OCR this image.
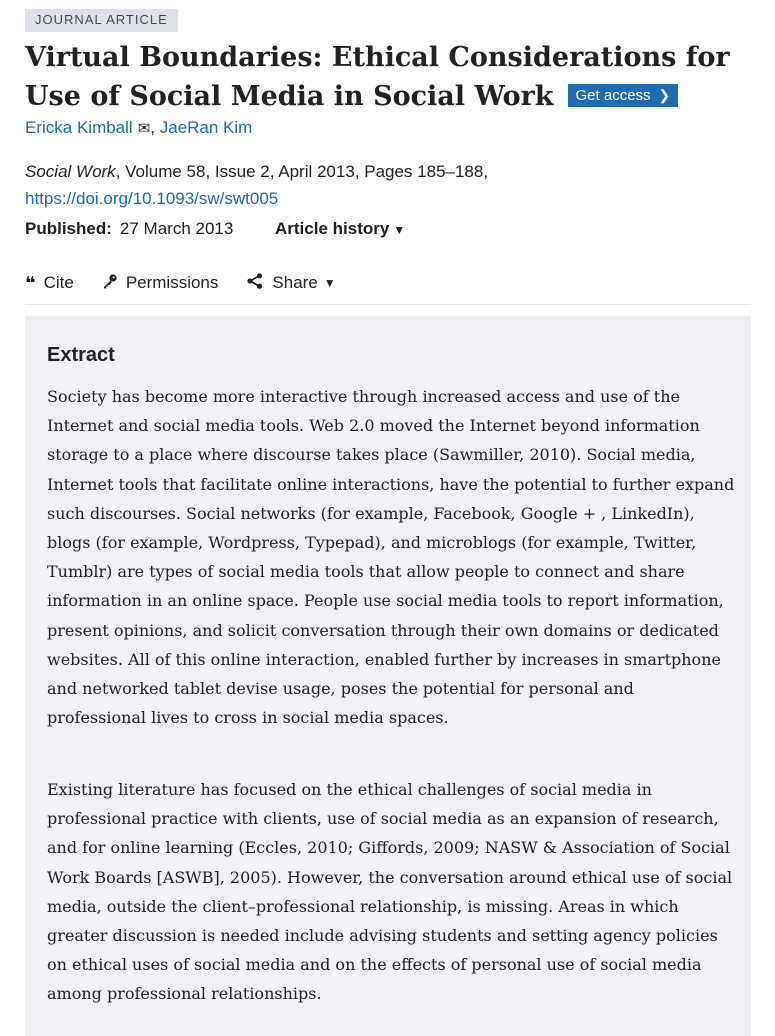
JOURNAL ARTICLE
Virtual Boundaries: Ethical Considerations for Use of Social Media in Social Work Get access ❯
Ericka Kimball ✉, JaeRan Kim
Social Work, Volume 58, Issue 2, April 2013, Pages 185–188,
https://doi.org/10.1093/sw/swt005
Published: 27 March 2013 Article history ▼
❝ Cite	Permissions	Share ▼
Extract

Society has become more interactive through increased access and use of the Internet and social media tools. Web 2.0 moved the Internet beyond information storage to a place where discourse takes place (Sawmiller, 2010). Social media, Internet tools that facilitate online interactions, have the potential to further expand such discourses. Social networks (for example, Facebook, Google + , LinkedIn), blogs (for example, Wordpress, Typepad), and microblogs (for example, Twitter, Tumblr) are types of social media tools that allow people to connect and share information in an online space. People use social media tools to report information, present opinions, and solicit conversation through their own domains or dedicated websites. All of this online interaction, enabled further by increases in smartphone and networked tablet devise usage, poses the potential for personal and professional lives to cross in social media spaces.

Existing literature has focused on the ethical challenges of social media in professional practice with clients, use of social media as an expansion of research, and for online learning (Eccles, 2010; Giffords, 2009; NASW & Association of Social Work Boards [ASWB], 2005). However, the conversation around ethical use of social media, outside the client–professional relationship, is missing. Areas in which greater discussion is needed include advising students and setting agency policies on ethical uses of social media and on the effects of personal use of social media among professional relationships.
